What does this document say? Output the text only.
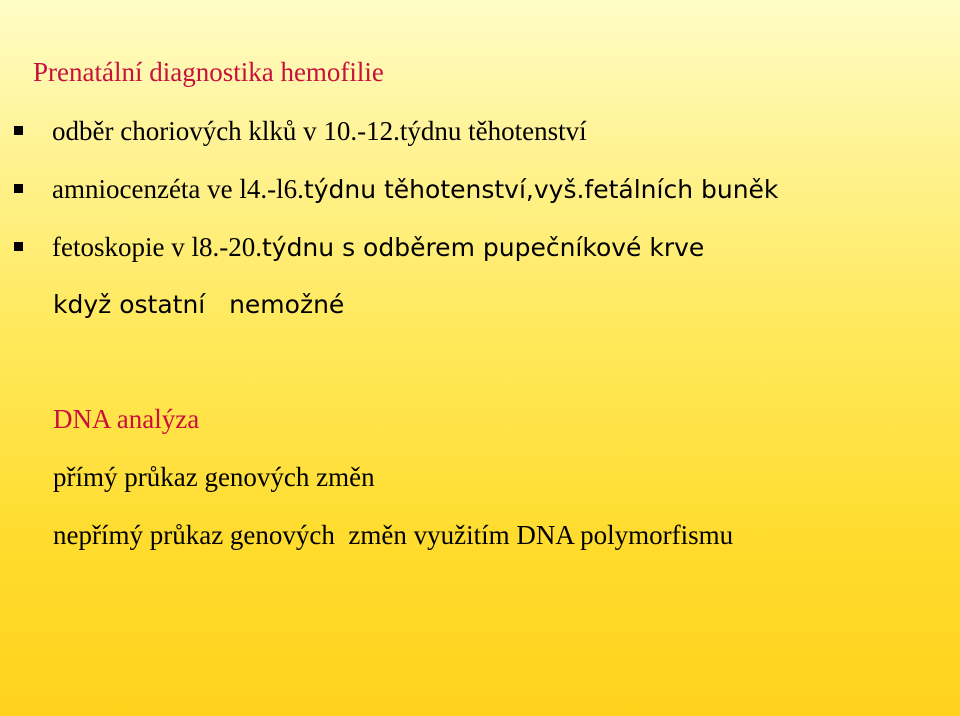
Prenatální diagnostika hemofilie
odběr choriových klků v 10.-12.týdnu těhotenství
amniocenzéta ve l4.-l6.týdnu těhotenství,vyš.fetálních buněk
fetoskopie v l8.-20.týdnu s odběrem pupečníkové krve
když ostatní   nemožné
DNA analýza
přímý průkaz genových změn
nepřímý průkaz genových  změn využitím DNA polymorfismu
